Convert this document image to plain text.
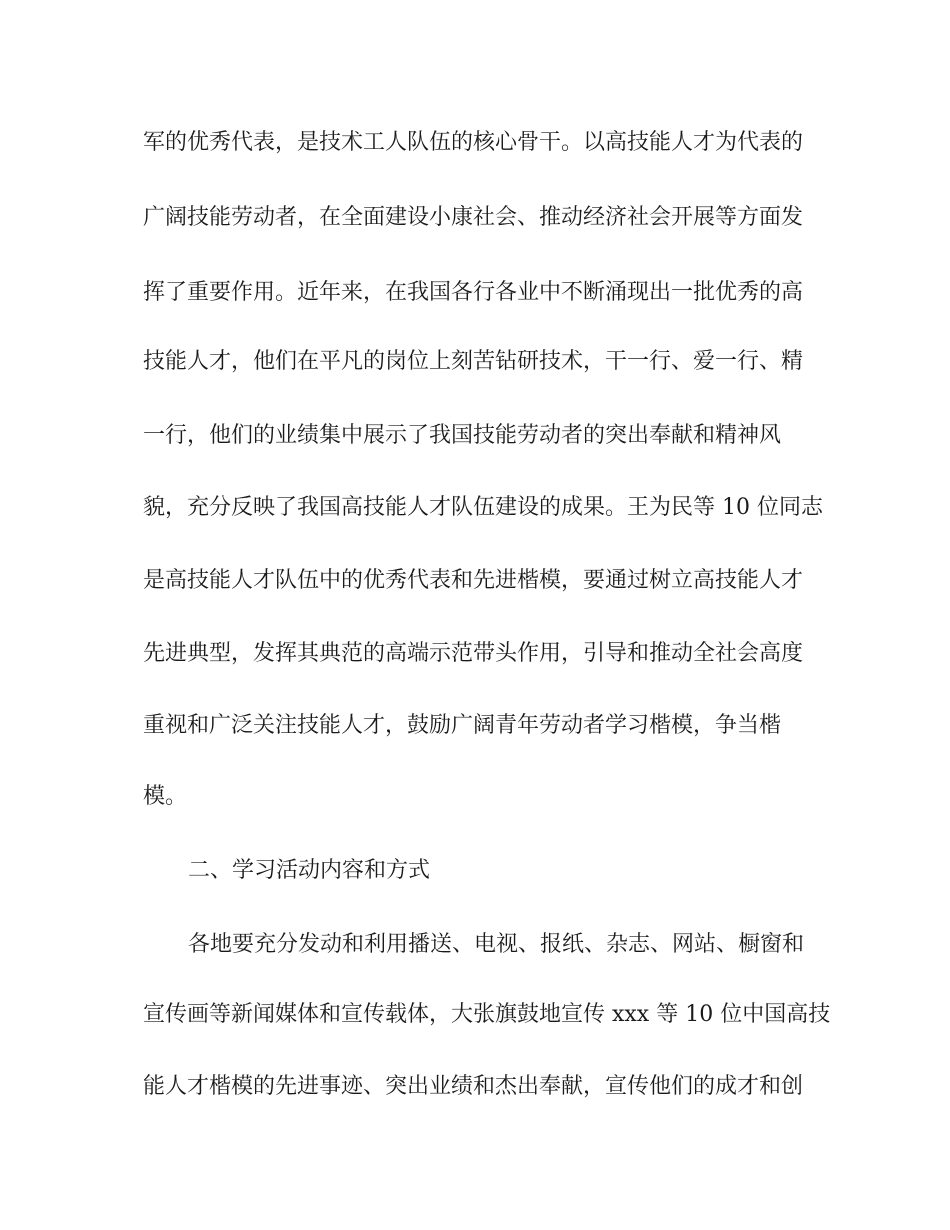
军的优秀代表，是技术工人队伍的核心骨干。以高技能人才为代表的

广阔技能劳动者，在全面建设小康社会、推动经济社会开展等方面发

挥了重要作用。近年来，在我国各行各业中不断涌现出一批优秀的高

技能人才，他们在平凡的岗位上刻苦钻研技术，干一行、爱一行、精

一行，他们的业绩集中展示了我国技能劳动者的突出奉献和精神风

貌，充分反映了我国高技能人才队伍建设的成果。王为民等 10 位同志

是高技能人才队伍中的优秀代表和先进楷模，要通过树立高技能人才

先进典型，发挥其典范的高端示范带头作用，引导和推动全社会高度

重视和广泛关注技能人才，鼓励广阔青年劳动者学习楷模，争当楷

模。

二、学习活动内容和方式

各地要充分发动和利用播送、电视、报纸、杂志、网站、橱窗和

宣传画等新闻媒体和宣传载体，大张旗鼓地宣传 xxx 等 10 位中国高技

能人才楷模的先进事迹、突出业绩和杰出奉献，宣传他们的成才和创
